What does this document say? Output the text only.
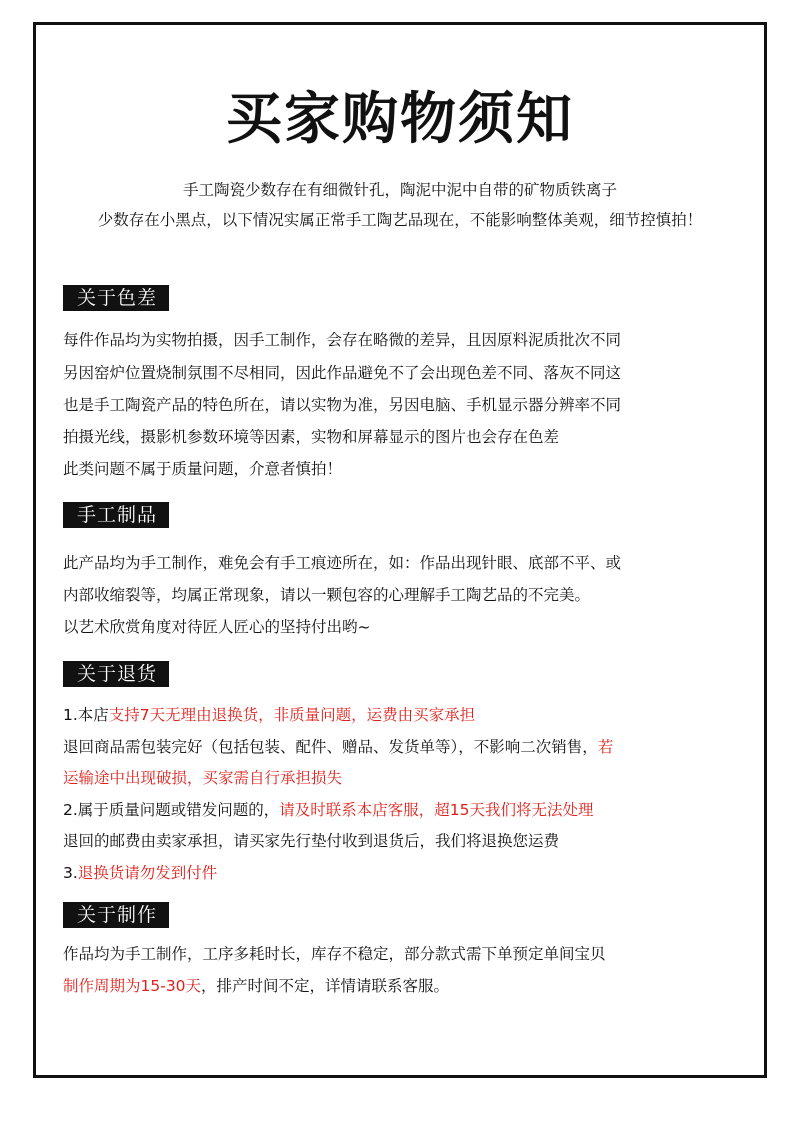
买家购物须知
手工陶瓷少数存在有细微针孔，陶泥中泥中自带的矿物质铁离子
少数存在小黑点，以下情况实属正常手工陶艺品现在，不能影响整体美观，细节控慎拍！
关于色差
每件作品均为实物拍摄，因手工制作，会存在略微的差异，且因原料泥质批次不同
另因窑炉位置烧制氛围不尽相同，因此作品避免不了会出现色差不同、落灰不同这
也是手工陶瓷产品的特色所在，请以实物为准，另因电脑、手机显示器分辨率不同
拍摄光线，摄影机参数环境等因素，实物和屏幕显示的图片也会存在色差
此类问题不属于质量问题，介意者慎拍！
手工制品
此产品均为手工制作，难免会有手工痕迹所在，如：作品出现针眼、底部不平、或
内部收缩裂等，均属正常现象，请以一颗包容的心理解手工陶艺品的不完美。
以艺术欣赏角度对待匠人匠心的坚持付出哟~
关于退货
1.本店支持7天无理由退换货，非质量问题，运费由买家承担
退回商品需包装完好（包括包装、配件、赠品、发货单等），不影响二次销售，若
运输途中出现破损，买家需自行承担损失
2.属于质量问题或错发问题的，请及时联系本店客服，超15天我们将无法处理
退回的邮费由卖家承担，请买家先行垫付收到退货后，我们将退换您运费
3.退换货请勿发到付件
关于制作
作品均为手工制作，工序多耗时长，库存不稳定，部分款式需下单预定单间宝贝
制作周期为15-30天，排产时间不定，详情请联系客服。
